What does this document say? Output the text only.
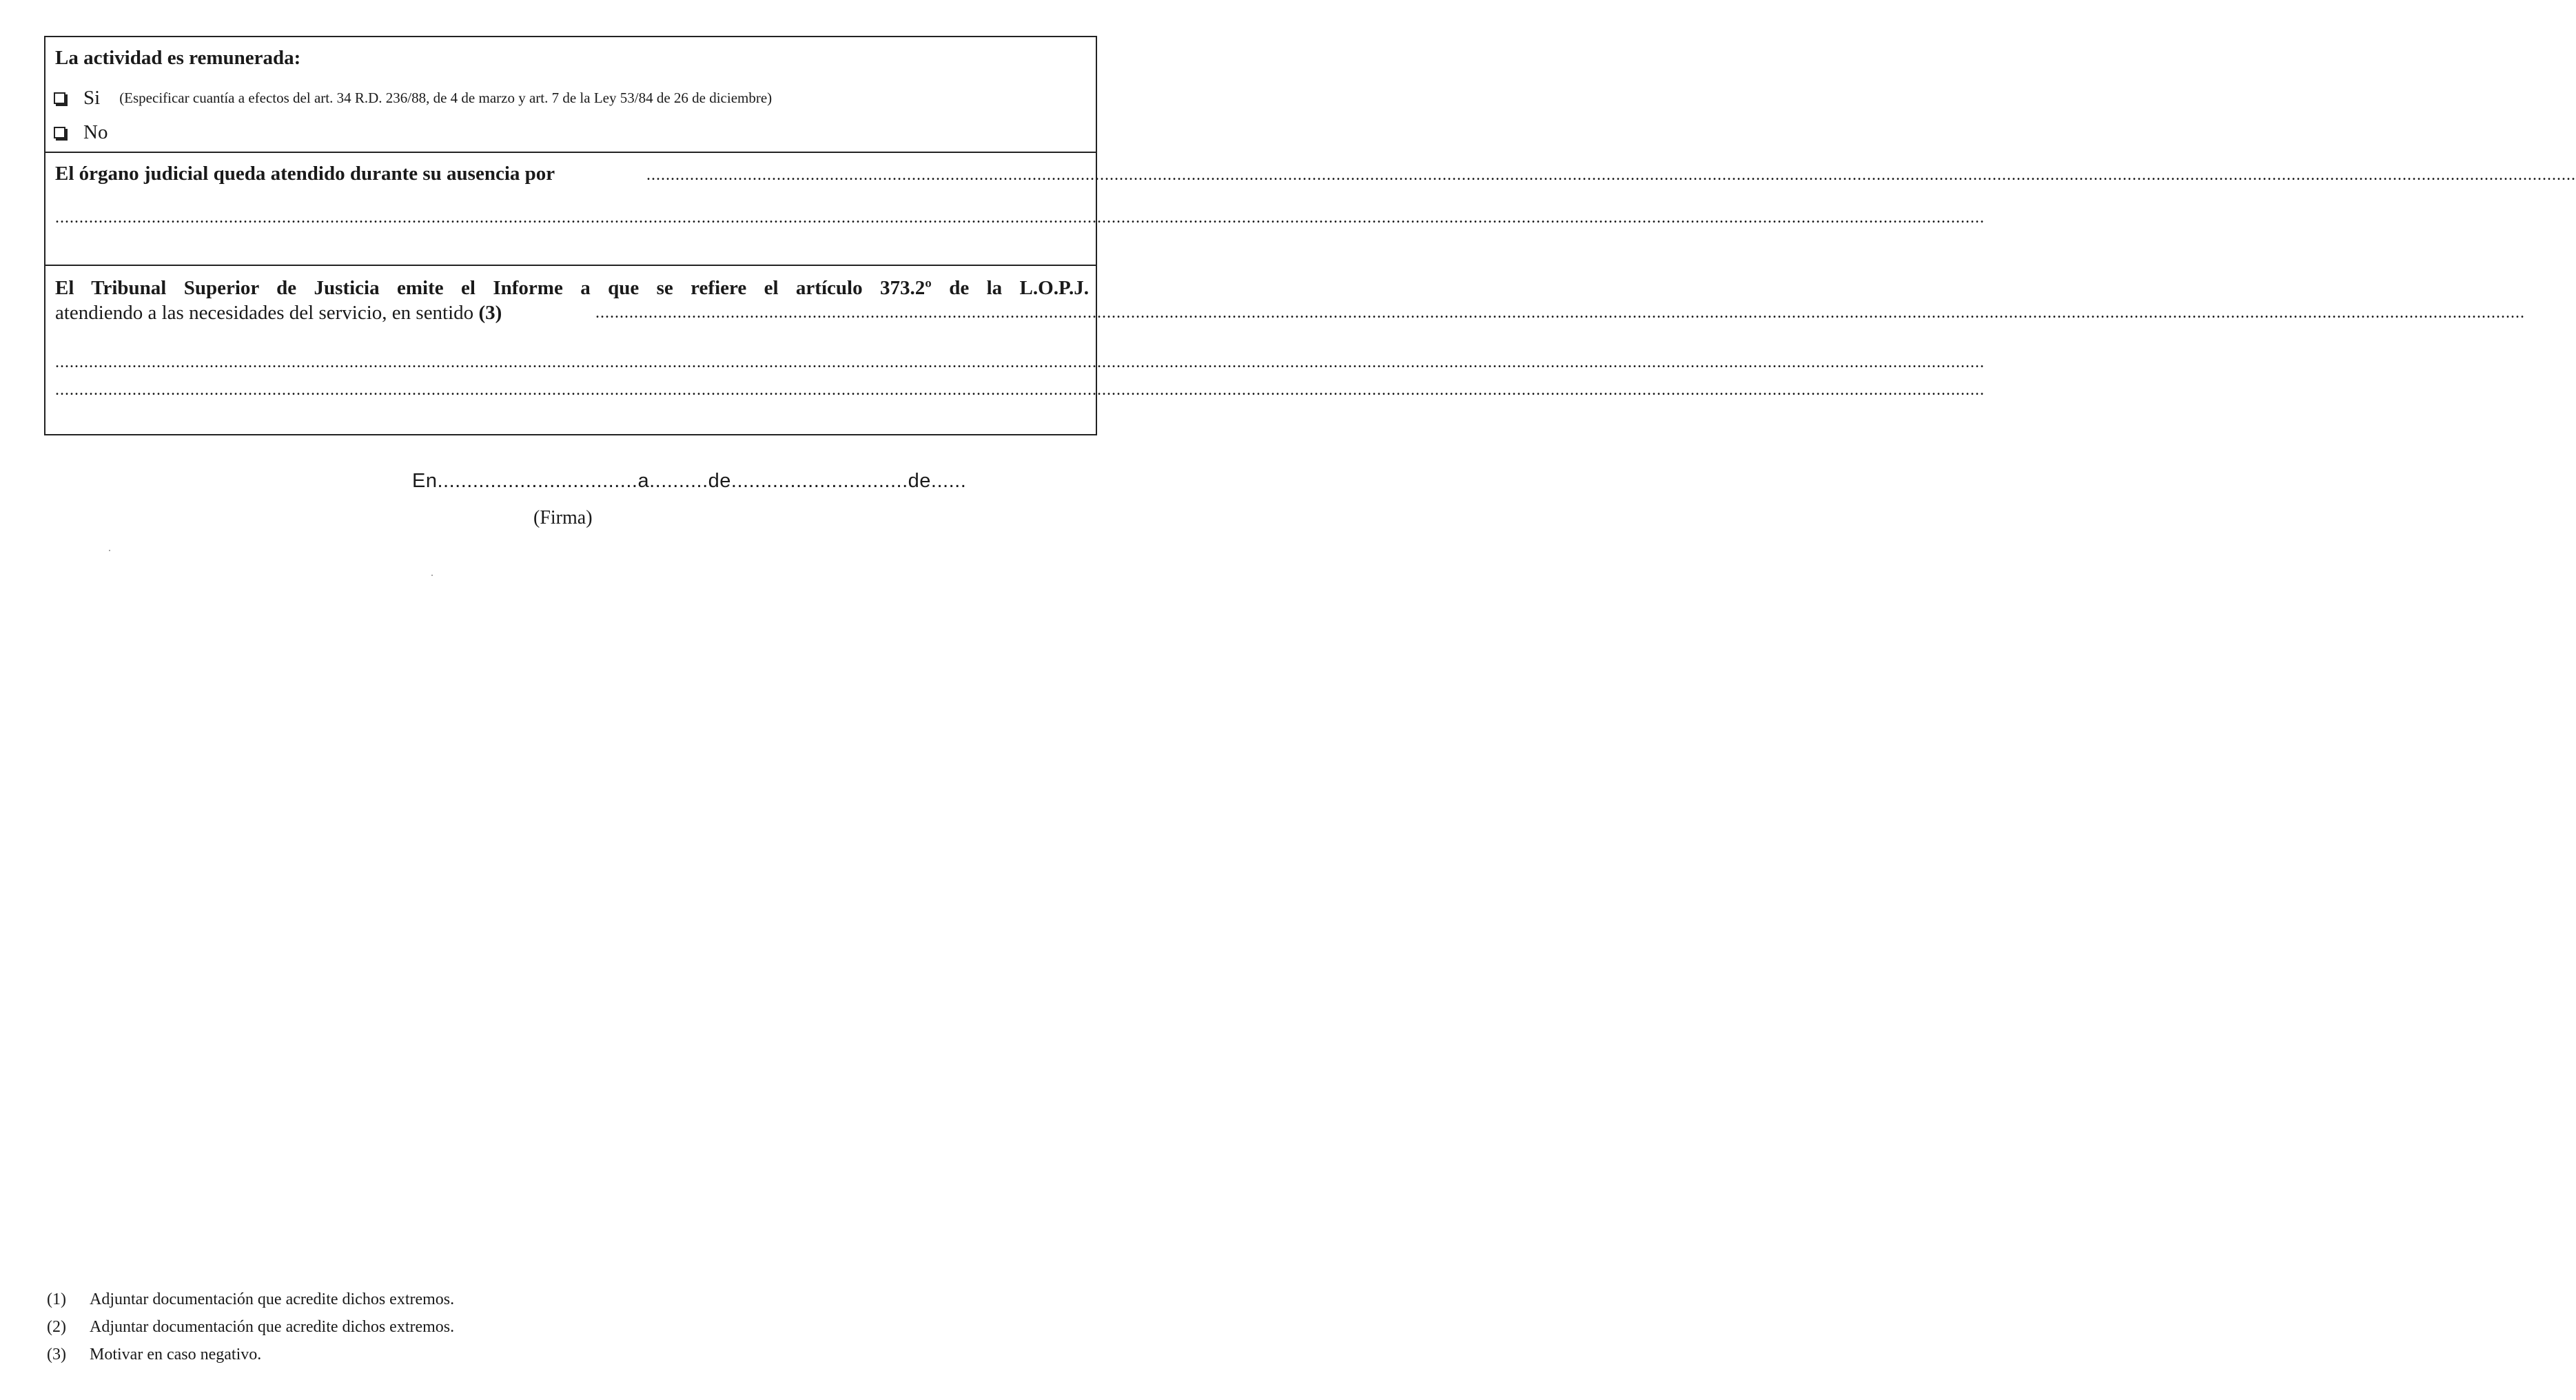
La actividad es remunerada:
Si (Especificar cuantía a efectos del art. 34 R.D. 236/88, de 4 de marzo y art. 7 de la Ley 53/84 de 26 de diciembre)
No
El órgano judicial queda atendido durante su ausencia por	................................................................................................................................................................................................................................................................................................................................................................................................................
................................................................................................................................................................................................................................................................................................................................................................................................................
El Tribunal Superior de Justicia emite el Informe a que se refiere el artículo 373.2º de la L.O.P.J.
atendiendo a las necesidades del servicio, en sentido (3)	................................................................................................................................................................................................................................................................................................................................................................................................................
................................................................................................................................................................................................................................................................................................................................................................................................................
................................................................................................................................................................................................................................................................................................................................................................................................................
En..................................a..........de..............................de......
(Firma)
(1) Adjuntar documentación que acredite dichos extremos.
(2) Adjuntar documentación que acredite dichos extremos.
(3) Motivar en caso negativo.
